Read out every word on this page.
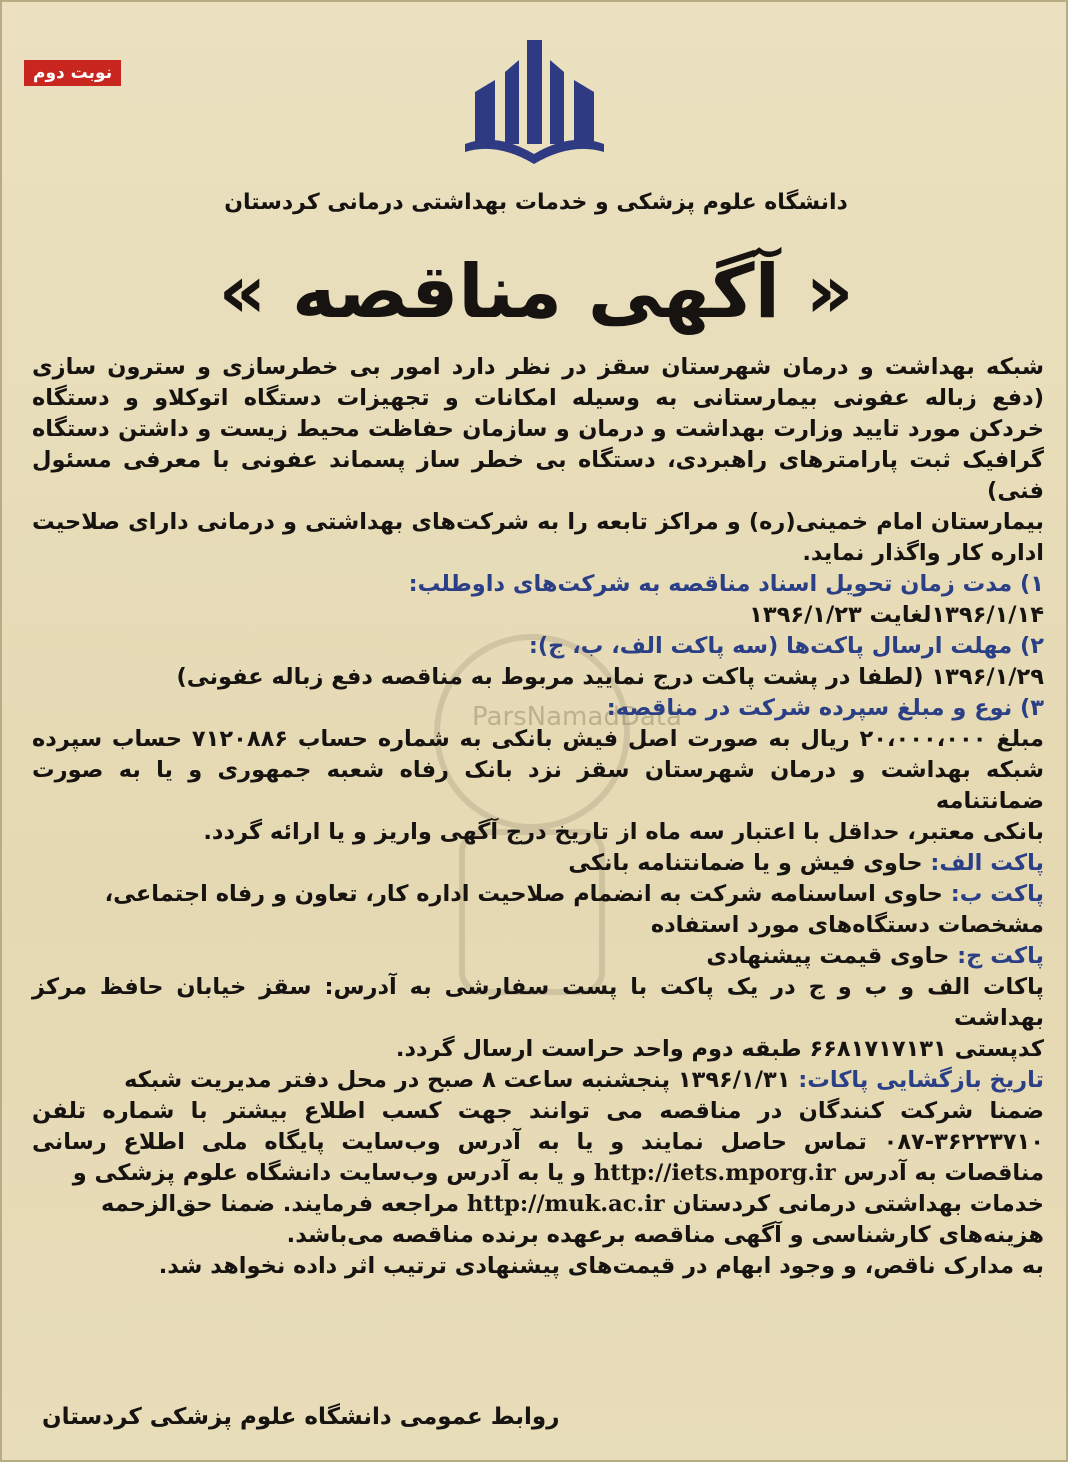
نوبت دوم
دانشگاه علوم پزشکی و خدمات بهداشتی درمانی کردستان
« آگهی مناقصه »
ParsNamadData
شبکه بهداشت و درمان شهرستان سقز در نظر دارد امور بی خطرسازی و سترون سازی
(دفع زباله عفونی بیمارستانی به وسیله امکانات و تجهیزات دستگاه اتوکلاو و دستگاه
خردکن مورد تایید وزارت بهداشت و درمان و سازمان حفاظت محیط زیست و داشتن دستگاه
گرافیک ثبت پارامترهای راهبردی، دستگاه بی خطر ساز پسماند عفونی با معرفی مسئول فنی)
بیمارستان امام خمینی(ره) و مراکز تابعه را به شرکت‌های بهداشتی و درمانی دارای صلاحیت
اداره کار واگذار نماید.
۱) مدت زمان تحویل اسناد مناقصه به شرکت‌های داوطلب:
۱۳۹۶/۱/۱۴لغایت ۱۳۹۶/۱/۲۳
۲) مهلت ارسال پاکت‌ها (سه پاکت الف، ب، ج):
۱۳۹۶/۱/۲۹ (لطفا در پشت پاکت درج نمایید مربوط به مناقصه دفع زباله عفونی)
۳) نوع و مبلغ سپرده شرکت در مناقصه:
مبلغ ۲۰،۰۰۰،۰۰۰ ریال به صورت اصل فیش بانکی به شماره حساب ۷۱۲۰۸۸۶ حساب سپرده
شبکه بهداشت و درمان شهرستان سقز نزد بانک رفاه شعبه جمهوری و یا به صورت ضمانتنامه
بانکی معتبر، حداقل با اعتبار سه ماه از تاریخ درج آگهی واریز و یا ارائه گردد.
پاکت الف: حاوی فیش و یا ضمانتنامه بانکی
پاکت ب: حاوی اساسنامه شرکت به انضمام صلاحیت اداره کار، تعاون و رفاه اجتماعی،
مشخصات دستگاه‌های مورد استفاده
پاکت ج: حاوی قیمت پیشنهادی
پاکات الف و ب و ج در یک پاکت با پست سفارشی به آدرس: سقز خیابان حافظ مرکز بهداشت
کدپستی ۶۶۸۱۷۱۷۱۳۱ طبقه دوم واحد حراست ارسال گردد.
تاریخ بازگشایی پاکات: ۱۳۹۶/۱/۳۱ پنجشنبه ساعت ۸ صبح در محل دفتر مدیریت شبکه
ضمنا شرکت کنندگان در مناقصه می توانند جهت کسب اطلاع بیشتر با شماره تلفن
۰۸۷-۳۶۲۲۳۷۱۰ تماس حاصل نمایند و یا به آدرس وب‌سایت پایگاه ملی اطلاع رسانی
مناقصات به آدرس http://iets.mporg.ir و یا به آدرس وب‌سایت دانشگاه علوم پزشکی و
خدمات بهداشتی درمانی کردستان http://muk.ac.ir مراجعه فرمایند. ضمنا حق‌الزحمه
هزینه‌های کارشناسی و آگهی مناقصه برعهده برنده مناقصه می‌باشد.
به مدارک ناقص، و وجود ابهام در قیمت‌های پیشنهادی ترتیب اثر داده نخواهد شد.
روابط عمومی دانشگاه علوم پزشکی کردستان
